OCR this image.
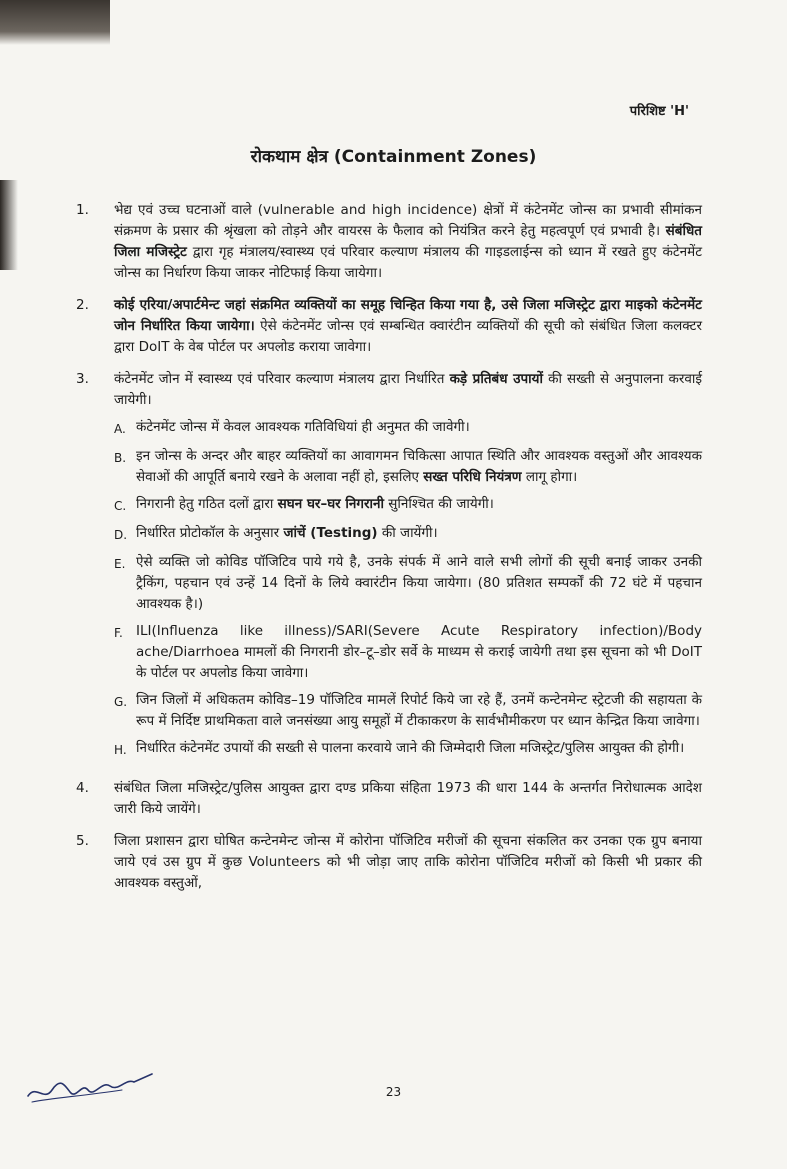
परिशिष्ट 'H'
रोकथाम क्षेत्र (Containment Zones)
1.	भेद्य एवं उच्च घटनाओं वाले (vulnerable and high incidence) क्षेत्रों में कंटेनमेंट जोन्स का प्रभावी सीमांकन संक्रमण के प्रसार की श्रृंखला को तोड़ने और वायरस के फैलाव को नियंत्रित करने हेतु महत्वपूर्ण एवं प्रभावी है। संबंधित जिला मजिस्ट्रेट द्वारा गृह मंत्रालय/स्वास्थ्य एवं परिवार कल्याण मंत्रालय की गाइडलाईन्स को ध्यान में रखते हुए कंटेनमेंट जोन्स का निर्धारण किया जाकर नोटिफाई किया जायेगा।
2.	कोई एरिया/अपार्टमेन्ट जहां संक्रमित व्यक्तियों का समूह चिन्हित किया गया है, उसे जिला मजिस्ट्रेट द्वारा माइको कंटेनमेंट जोन निर्धारित किया जायेगा। ऐसे कंटेनमेंट जोन्स एवं सम्बन्धित क्वारंटीन व्यक्तियों की सूची को संबंधित जिला कलक्टर द्वारा DoIT के वेब पोर्टल पर अपलोड कराया जावेगा।
3.	कंटेनमेंट जोन में स्वास्थ्य एवं परिवार कल्याण मंत्रालय द्वारा निर्धारित कड़े प्रतिबंध उपायों की सख्ती से अनुपालना करवाई जायेगी।
A. कंटेनमेंट जोन्स में केवल आवश्यक गतिविधियां ही अनुमत की जावेगी।
B. इन जोन्स के अन्दर और बाहर व्यक्तियों का आवागमन चिकित्सा आपात स्थिति और आवश्यक वस्तुओं और आवश्यक सेवाओं की आपूर्ति बनाये रखने के अलावा नहीं हो, इसलिए सख्त परिधि नियंत्रण लागू होगा।
C. निगरानी हेतु गठित दलों द्वारा सघन घर–घर निगरानी सुनिश्चित की जायेगी।
D. निर्धारित प्रोटोकॉल के अनुसार जांचें (Testing) की जायेंगी।
E. ऐसे व्यक्ति जो कोविड पॉजिटिव पाये गये है, उनके संपर्क में आने वाले सभी लोगों की सूची बनाई जाकर उनकी ट्रैकिंग, पहचान एवं उन्हें 14 दिनों के लिये क्वारंटीन किया जायेगा। (80 प्रतिशत सम्पर्कों की 72 घंटे में पहचान आवश्यक है।)
F. ILI(Influenza like illness)/SARI(Severe Acute Respiratory infection)/Body ache/Diarrhoea मामलों की निगरानी डोर–टू–डोर सर्वे के माध्यम से कराई जायेगी तथा इस सूचना को भी DoIT के पोर्टल पर अपलोड किया जावेगा।
G. जिन जिलों में अधिकतम कोविड–19 पॉजिटिव मामलें रिपोर्ट किये जा रहे हैं, उनमें कन्टेनमेन्ट स्ट्रेटजी की सहायता के रूप में निर्दिष्ट प्राथमिकता वाले जनसंख्या आयु समूहों में टीकाकरण के सार्वभौमीकरण पर ध्यान केन्द्रित किया जावेगा।
H. निर्धारित कंटेनमेंट उपायों की सख्ती से पालना करवाये जाने की जिम्मेदारी जिला मजिस्ट्रेट/पुलिस आयुक्त की होगी।
4.	संबंधित जिला मजिस्ट्रेट/पुलिस आयुक्त द्वारा दण्ड प्रकिया संहिता 1973 की धारा 144 के अन्तर्गत निरोधात्मक आदेश जारी किये जायेंगे।
5.	जिला प्रशासन द्वारा घोषित कन्टेनमेन्ट जोन्स में कोरोना पॉजिटिव मरीजों की सूचना संकलित कर उनका एक ग्रुप बनाया जाये एवं उस ग्रुप में कुछ Volunteers को भी जोड़ा जाए ताकि कोरोना पॉजिटिव मरीजों को किसी भी प्रकार की आवश्यक वस्तुओं,
23
